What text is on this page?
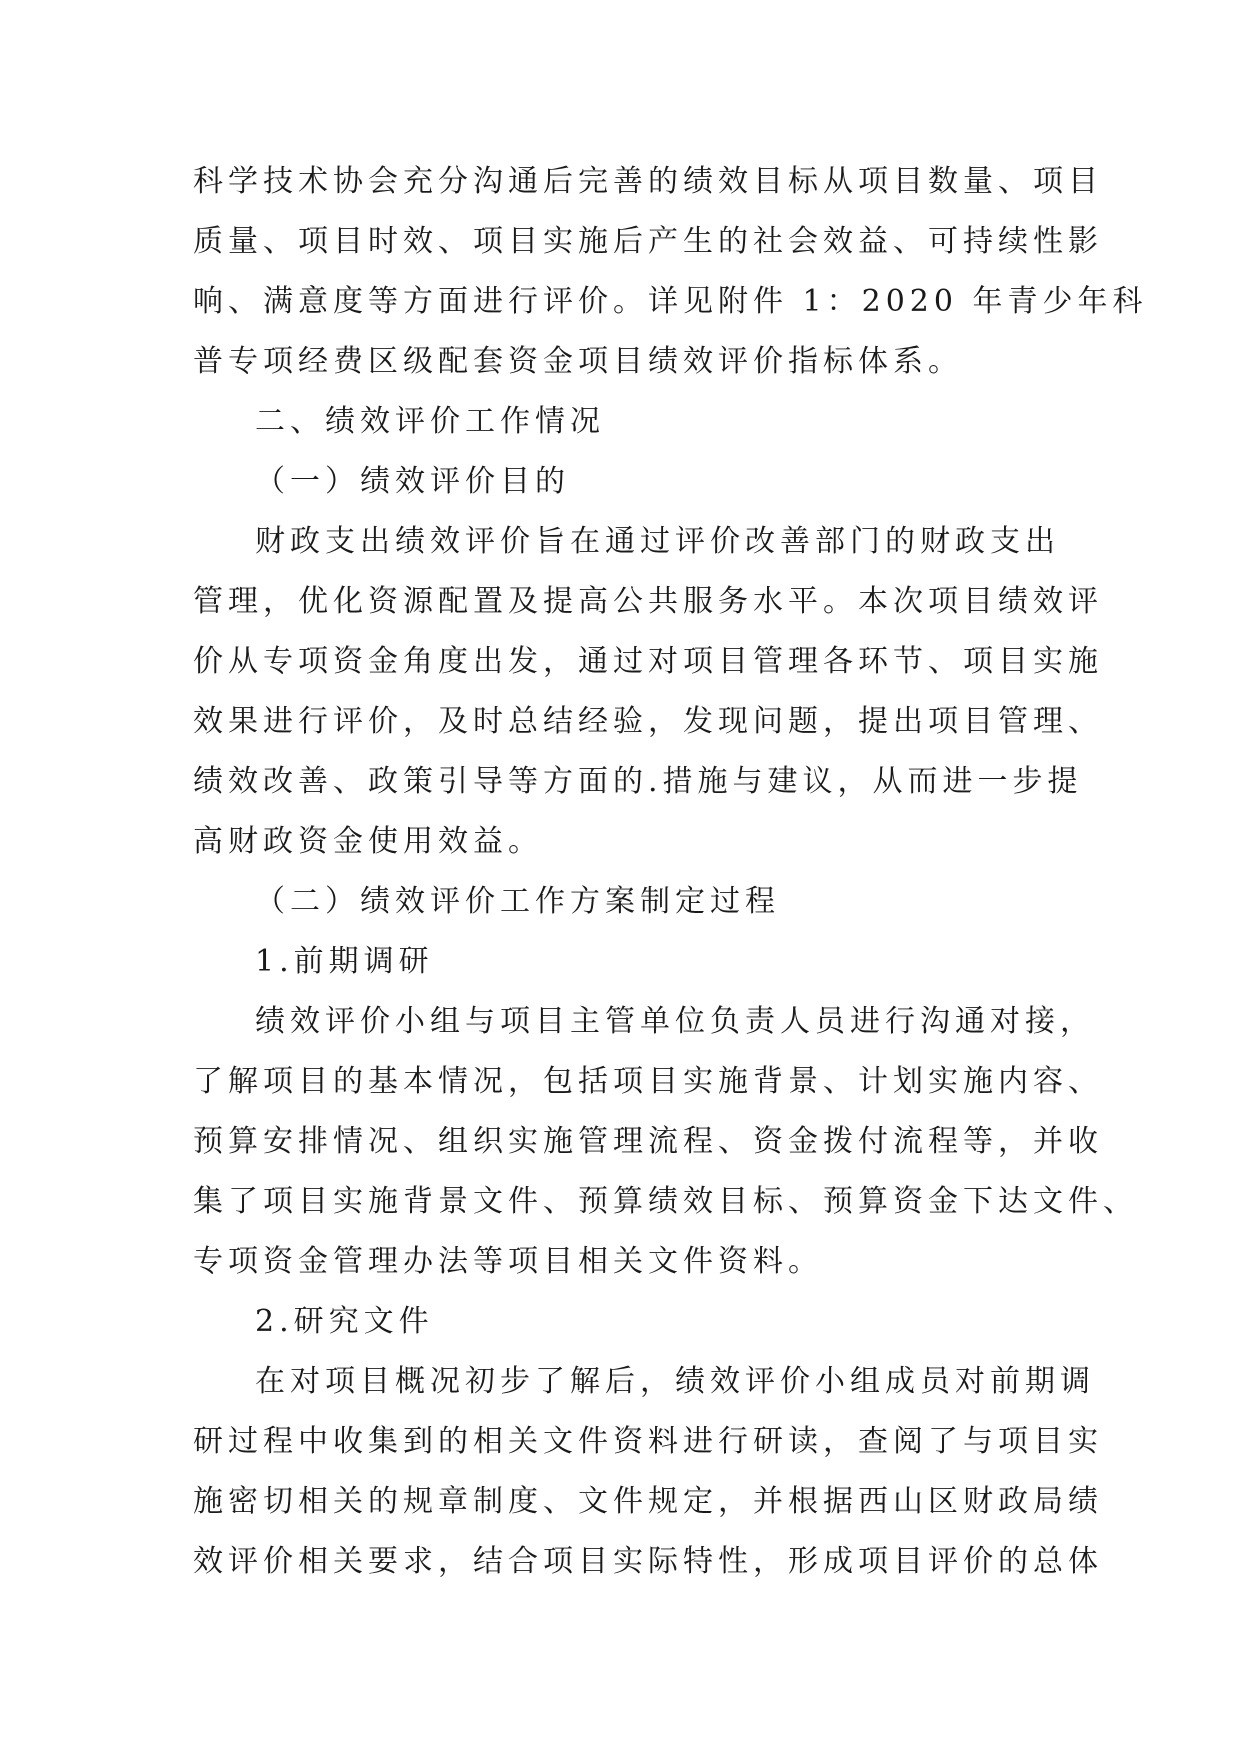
科学技术协会充分沟通后完善的绩效目标从项目数量、项目
质量、项目时效、项目实施后产生的社会效益、可持续性影
响、满意度等方面进行评价。详见附件 1：2020 年青少年科
普专项经费区级配套资金项目绩效评价指标体系。
二、绩效评价工作情况
（一）绩效评价目的
财政支出绩效评价旨在通过评价改善部门的财政支出
管理，优化资源配置及提高公共服务水平。本次项目绩效评
价从专项资金角度出发，通过对项目管理各环节、项目实施
效果进行评价，及时总结经验，发现问题，提出项目管理、
绩效改善、政策引导等方面的.措施与建议，从而进一步提
高财政资金使用效益。
（二）绩效评价工作方案制定过程
1.前期调研
绩效评价小组与项目主管单位负责人员进行沟通对接，
了解项目的基本情况，包括项目实施背景、计划实施内容、
预算安排情况、组织实施管理流程、资金拨付流程等，并收
集了项目实施背景文件、预算绩效目标、预算资金下达文件、
专项资金管理办法等项目相关文件资料。
2.研究文件
在对项目概况初步了解后，绩效评价小组成员对前期调
研过程中收集到的相关文件资料进行研读，查阅了与项目实
施密切相关的规章制度、文件规定，并根据西山区财政局绩
效评价相关要求，结合项目实际特性，形成项目评价的总体
